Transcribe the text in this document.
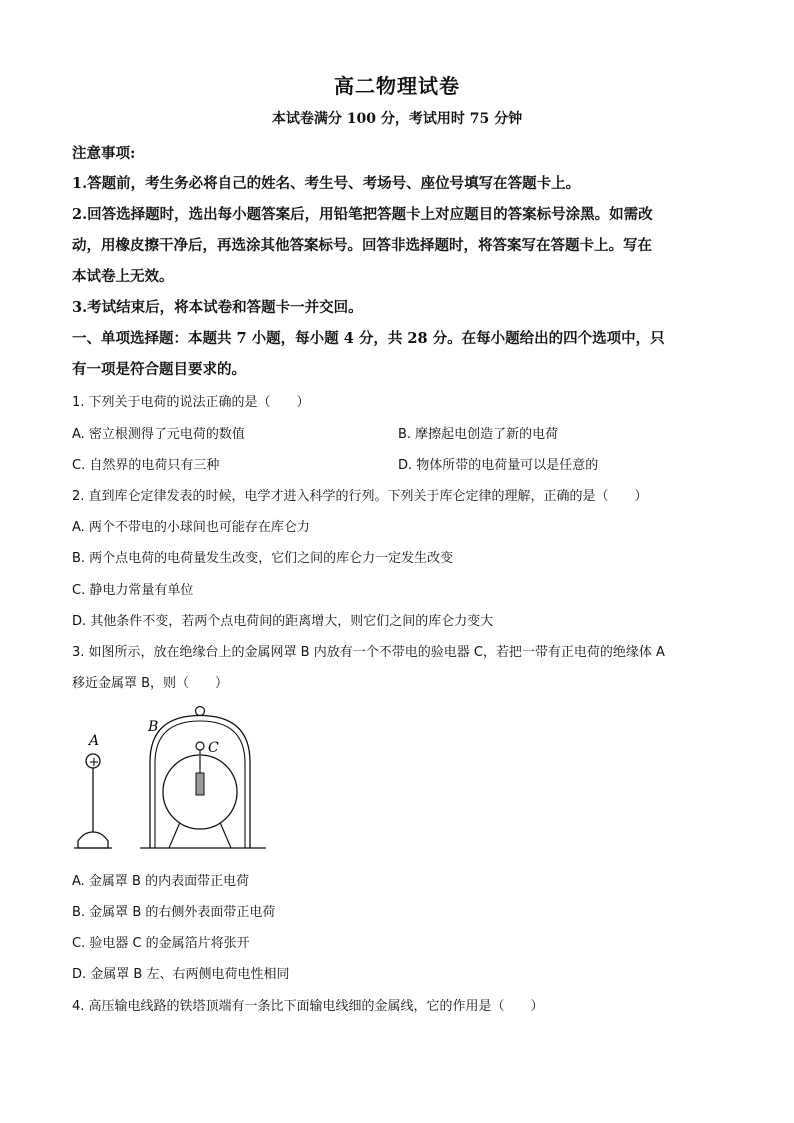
高二物理试卷
本试卷满分 100 分，考试用时 75 分钟
注意事项:
1.答题前，考生务必将自己的姓名、考生号、考场号、座位号填写在答题卡上。
2.回答选择题时，选出每小题答案后，用铅笔把答题卡上对应题目的答案标号涂黑。如需改
动，用橡皮擦干净后，再选涂其他答案标号。回答非选择题时，将答案写在答题卡上。写在
本试卷上无效。
3.考试结束后，将本试卷和答题卡一并交回。
一、单项选择题：本题共 7 小题，每小题 4 分，共 28 分。在每小题给出的四个选项中，只
有一项是符合题目要求的。
1. 下列关于电荷的说法正确的是（　　）
A. 密立根测得了元电荷的数值	B. 摩擦起电创造了新的电荷
C. 自然界的电荷只有三种	D. 物体所带的电荷量可以是任意的
2. 直到库仑定律发表的时候，电学才进入科学的行列。下列关于库仑定律的理解，正确的是（　　）
A. 两个不带电的小球间也可能存在库仑力
B. 两个点电荷的电荷量发生改变，它们之间的库仑力一定发生改变
C. 静电力常量有单位
D. 其他条件不变，若两个点电荷间的距离增大，则它们之间的库仑力变大
3. 如图所示，放在绝缘台上的金属网罩 B 内放有一个不带电的验电器 C，若把一带有正电荷的绝缘体 A
移近金属罩 B，则（　　）
A
+
B
C
A. 金属罩 B 的内表面带正电荷
B. 金属罩 B 的右侧外表面带正电荷
C. 验电器 C 的金属箔片将张开
D. 金属罩 B 左、右两侧电荷电性相同
4. 高压输电线路的铁塔顶端有一条比下面输电线细的金属线，它的作用是（　　）
